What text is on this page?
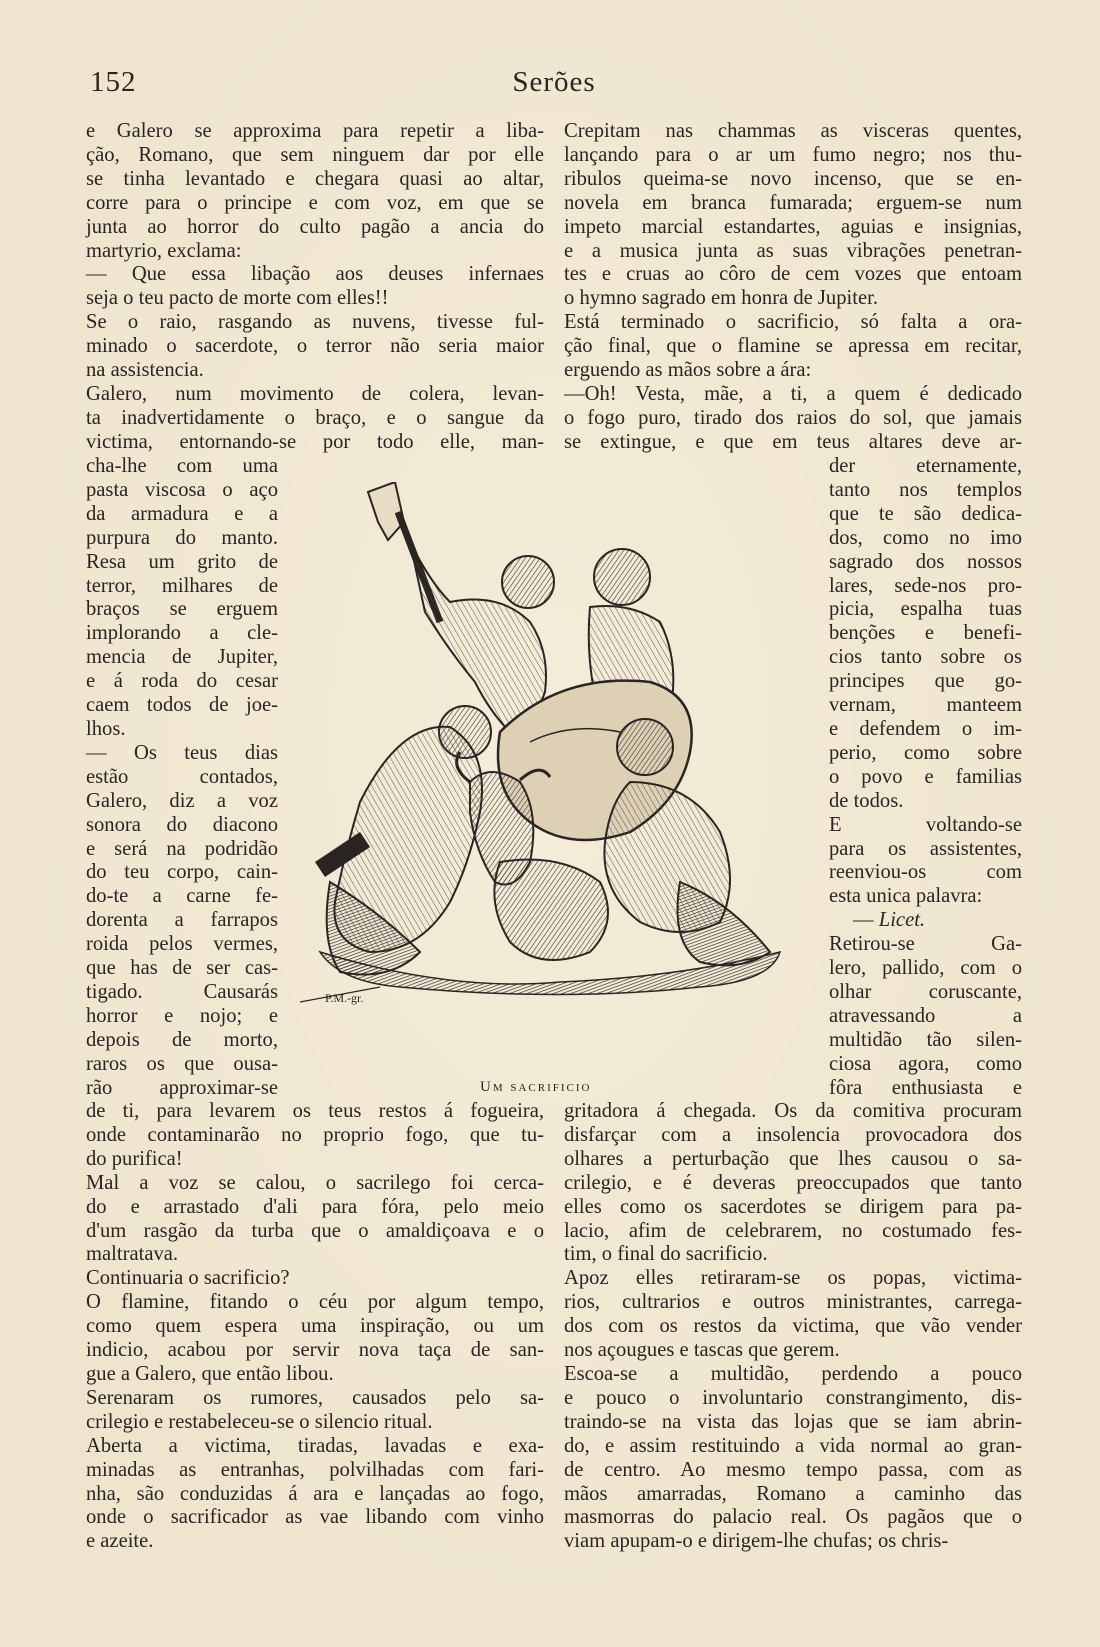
152	Serões
e Galero se approxima para repetir a liba-
ção, Romano, que sem ninguem dar por elle
se tinha levantado e chegara quasi ao altar,
corre para o principe e com voz, em que se
junta ao horror do culto pagão a ancia do
martyrio, exclama:
— Que essa libação aos deuses infernaes
seja o teu pacto de morte com elles!!
Se o raio, rasgando as nuvens, tivesse ful-
minado o sacerdote, o terror não seria maior
na assistencia.
Galero, num movimento de colera, levan-
ta inadvertidamente o braço, e o sangue da
victima, entornando-se por todo elle, man-
cha-lhe com uma
pasta viscosa o aço
da armadura e a
purpura do manto.
Resa um grito de
terror, milhares de
braços se erguem
implorando a cle-
mencia de Jupiter,
e á roda do cesar
caem todos de joe-
lhos.
— Os teus dias
estão contados,
Galero, diz a voz
sonora do diacono
e será na podridão
do teu corpo, cain-
do-te a carne fe-
dorenta a farrapos
roida pelos vermes,
que has de ser cas-
tigado. Causarás
horror e nojo; e
depois de morto,
raros os que ousa-
rão approximar-se
de ti, para levarem os teus restos á fogueira,
onde contaminarão no proprio fogo, que tu-
do purifica!
Mal a voz se calou, o sacrilego foi cerca-
do e arrastado d'ali para fóra, pelo meio
d'um rasgão da turba que o amaldiçoava e o
maltratava.
Continuaria o sacrificio?
O flamine, fitando o céu por algum tempo,
como quem espera uma inspiração, ou um
indicio, acabou por servir nova taça de san-
gue a Galero, que então libou.
Serenaram os rumores, causados pelo sa-
crilegio e restabeleceu-se o silencio ritual.
Aberta a victima, tiradas, lavadas e exa-
minadas as entranhas, polvilhadas com fari-
nha, são conduzidas á ara e lançadas ao fogo,
onde o sacrificador as vae libando com vinho
e azeite.
Crepitam nas chammas as visceras quentes,
lançando para o ar um fumo negro; nos thu-
ribulos queima-se novo incenso, que se en-
novela em branca fumarada; erguem-se num
impeto marcial estandartes, aguias e insignias,
e a musica junta as suas vibrações penetran-
tes e cruas ao côro de cem vozes que entoam
o hymno sagrado em honra de Jupiter.
Está terminado o sacrificio, só falta a ora-
ção final, que o flamine se apressa em recitar,
erguendo as mãos sobre a ára:
—Oh! Vesta, mãe, a ti, a quem é dedicado
o fogo puro, tirado dos raios do sol, que jamais
se extingue, e que em teus altares deve ar-
der eternamente,
tanto nos templos
que te são dedica-
dos, como no imo
sagrado dos nossos
lares, sede-nos pro-
picia, espalha tuas
benções e benefi-
cios tanto sobre os
principes que go-
vernam, manteem
e defendem o im-
perio, como sobre
o povo e familias
de todos.
E voltando-se
para os assistentes,
reenviou-os com
esta unica palavra:
— Licet.
Retirou-se Ga-
lero, pallido, com o
olhar coruscante,
atravessando a
multidão tão silen-
ciosa agora, como
fôra enthusiasta e
gritadora á chegada. Os da comitiva procuram
disfarçar com a insolencia provocadora dos
olhares a perturbação que lhes causou o sa-
crilegio, e é deveras preoccupados que tanto
elles como os sacerdotes se dirigem para pa-
lacio, afim de celebrarem, no costumado fes-
tim, o final do sacrificio.
Apoz elles retiraram-se os popas, victima-
rios, cultrarios e outros ministrantes, carrega-
dos com os restos da victima, que vão vender
nos açougues e tascas que gerem.
Escoa-se a multidão, perdendo a pouco
e pouco o involuntario constrangimento, dis-
traindo-se na vista das lojas que se iam abrin-
do, e assim restituindo a vida normal ao gran-
de centro. Ao mesmo tempo passa, com as
mãos amarradas, Romano a caminho das
masmorras do palacio real. Os pagãos que o
viam apupam-o e dirigem-lhe chufas; os chris-
P.M.-gr.
Um sacrificio
